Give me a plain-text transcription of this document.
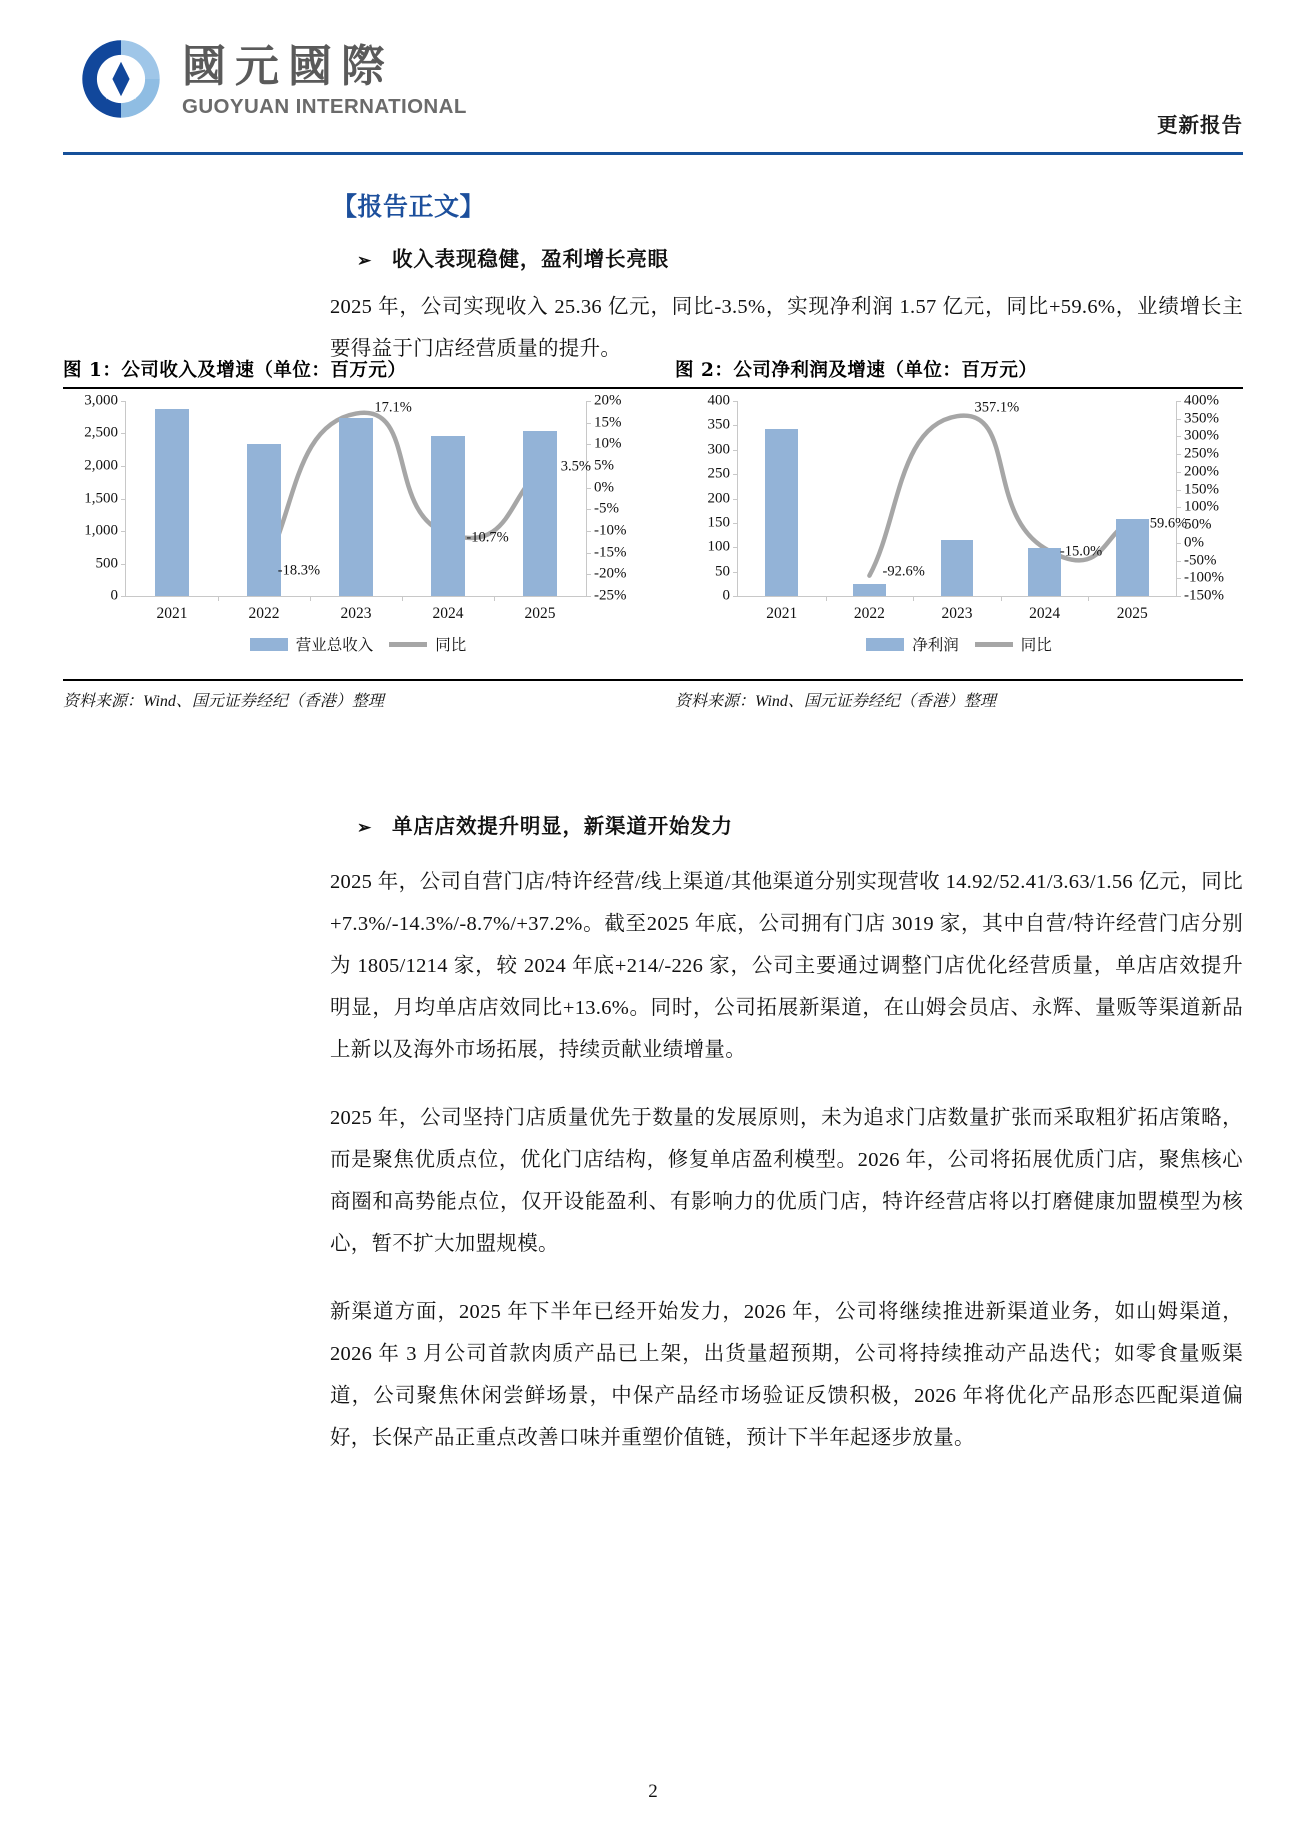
國元國際
GUOYUAN INTERNATIONAL
更新报告
【报告正文】
➢ 收入表现稳健，盈利增长亮眼
2025 年，公司实现收入 25.36 亿元，同比-3.5%，实现净利润 1.57 亿元，同比+59.6%，业绩增长主要得益于门店经营质量的提升。
图 1：公司收入及增速（单位：百万元）	图 2：公司净利润及增速（单位：百万元）
0
500
1,000
1,500
2,000
2,500
3,000
-25%
-20%
-15%
-10%
-5%
0%
5%
10%
15%
20%
2021	2022	2023	2024	2025
-18.3%
17.1%
-10.7%
3.5%
营业总收入	同比
0
50
100
150
200
250
300
350
400
-150%
-100%
-50%
0%
50%
100%
150%
200%
250%
300%
350%
400%
2021	2022	2023	2024	2025
-92.6%
357.1%
-15.0%
59.6%
净利润	同比
资料来源：Wind、国元证券经纪（香港）整理	资料来源：Wind、国元证券经纪（香港）整理
➢ 单店店效提升明显，新渠道开始发力
2025 年，公司自营门店/特许经营/线上渠道/其他渠道分别实现营收 14.92/52.41/3.63/1.56 亿元，同比+7.3%/-14.3%/-8.7%/+37.2%。截至2025 年底，公司拥有门店 3019 家，其中自营/特许经营门店分别为 1805/1214 家，较 2024 年底+214/-226 家，公司主要通过调整门店优化经营质量，单店店效提升明显，月均单店店效同比+13.6%。同时，公司拓展新渠道，在山姆会员店、永辉、量贩等渠道新品上新以及海外市场拓展，持续贡献业绩增量。
2025 年，公司坚持门店质量优先于数量的发展原则，未为追求门店数量扩张而采取粗犷拓店策略，而是聚焦优质点位，优化门店结构，修复单店盈利模型。2026 年，公司将拓展优质门店，聚焦核心商圈和高势能点位，仅开设能盈利、有影响力的优质门店，特许经营店将以打磨健康加盟模型为核心，暂不扩大加盟规模。
新渠道方面，2025 年下半年已经开始发力，2026 年，公司将继续推进新渠道业务，如山姆渠道，2026 年 3 月公司首款肉质产品已上架，出货量超预期，公司将持续推动产品迭代；如零食量贩渠道，公司聚焦休闲尝鲜场景，中保产品经市场验证反馈积极，2026 年将优化产品形态匹配渠道偏好，长保产品正重点改善口味并重塑价值链，预计下半年起逐步放量。
2
